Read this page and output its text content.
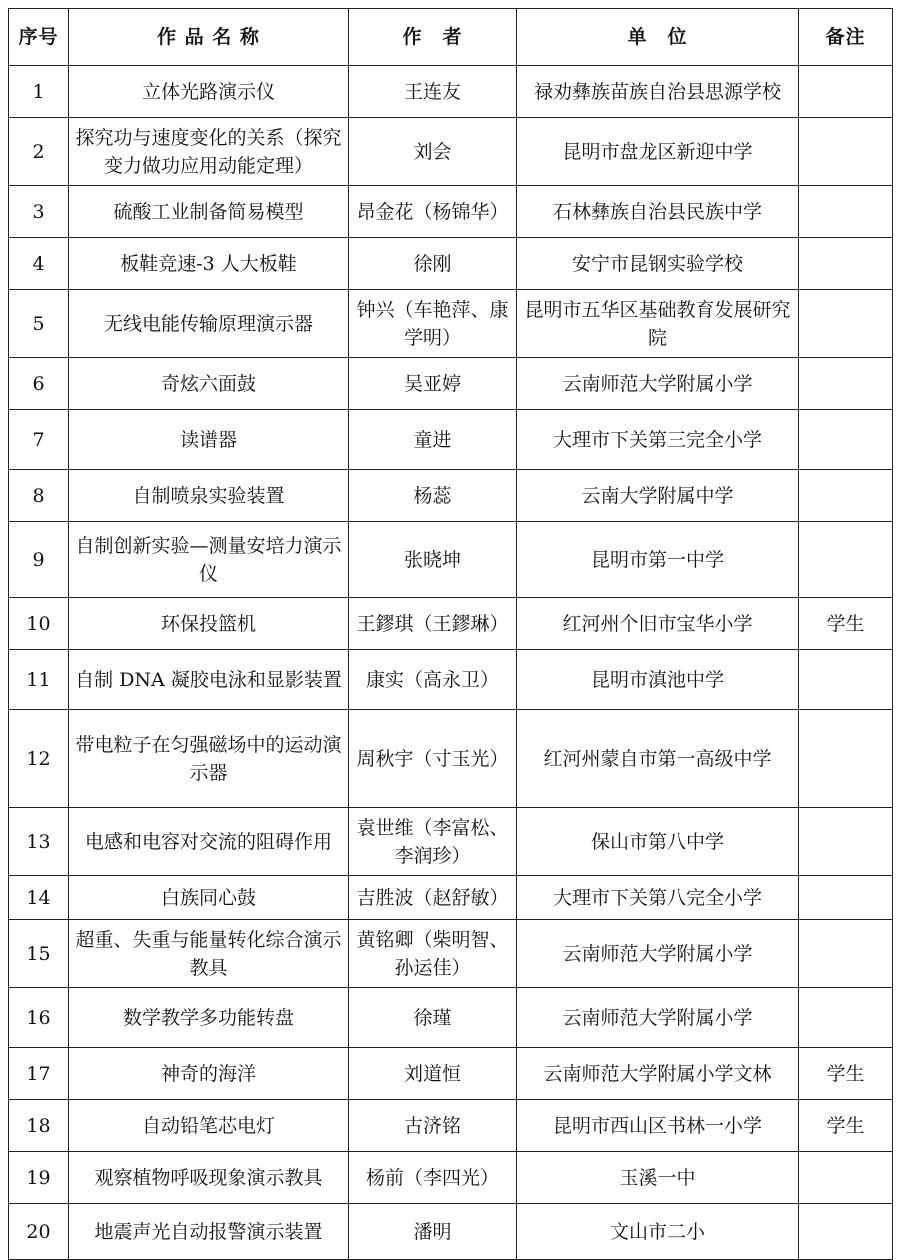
序号	作 品 名 称	作　者	单　位	备注
1	立体光路演示仪	王连友	禄劝彝族苗族自治县思源学校	
2	探究功与速度变化的关系（探究变力做功应用动能定理）	刘会	昆明市盘龙区新迎中学	
3	硫酸工业制备简易模型	昂金花（杨锦华）	石林彝族自治县民族中学	
4	板鞋竞速-3 人大板鞋	徐刚	安宁市昆钢实验学校	
5	无线电能传输原理演示器	钟兴（车艳萍、康学明）	昆明市五华区基础教育发展研究院	
6	奇炫六面鼓	吴亚婷	云南师范大学附属小学	
7	读谱器	童进	大理市下关第三完全小学	
8	自制喷泉实验装置	杨蕊	云南大学附属中学	
9	自制创新实验—测量安培力演示仪	张晓坤	昆明市第一中学	
10	环保投篮机	王鏐琪（王鏐琳）	红河州个旧市宝华小学	学生
11	自制 DNA 凝胶电泳和显影装置	康实（高永卫）	昆明市滇池中学	
12	带电粒子在匀强磁场中的运动演示器	周秋宇（寸玉光）	红河州蒙自市第一高级中学	
13	电感和电容对交流的阻碍作用	袁世维（李富松、李润珍）	保山市第八中学	
14	白族同心鼓	吉胜波（赵舒敏）	大理市下关第八完全小学	
15	超重、失重与能量转化综合演示教具	黄铭卿（柴明智、孙运佳）	云南师范大学附属小学	
16	数学教学多功能转盘	徐瑾	云南师范大学附属小学	
17	神奇的海洋	刘道恒	云南师范大学附属小学文林	学生
18	自动铅笔芯电灯	古济铭	昆明市西山区书林一小学	学生
19	观察植物呼吸现象演示教具	杨前（李四光）	玉溪一中	
20	地震声光自动报警演示装置	潘明	文山市二小	
